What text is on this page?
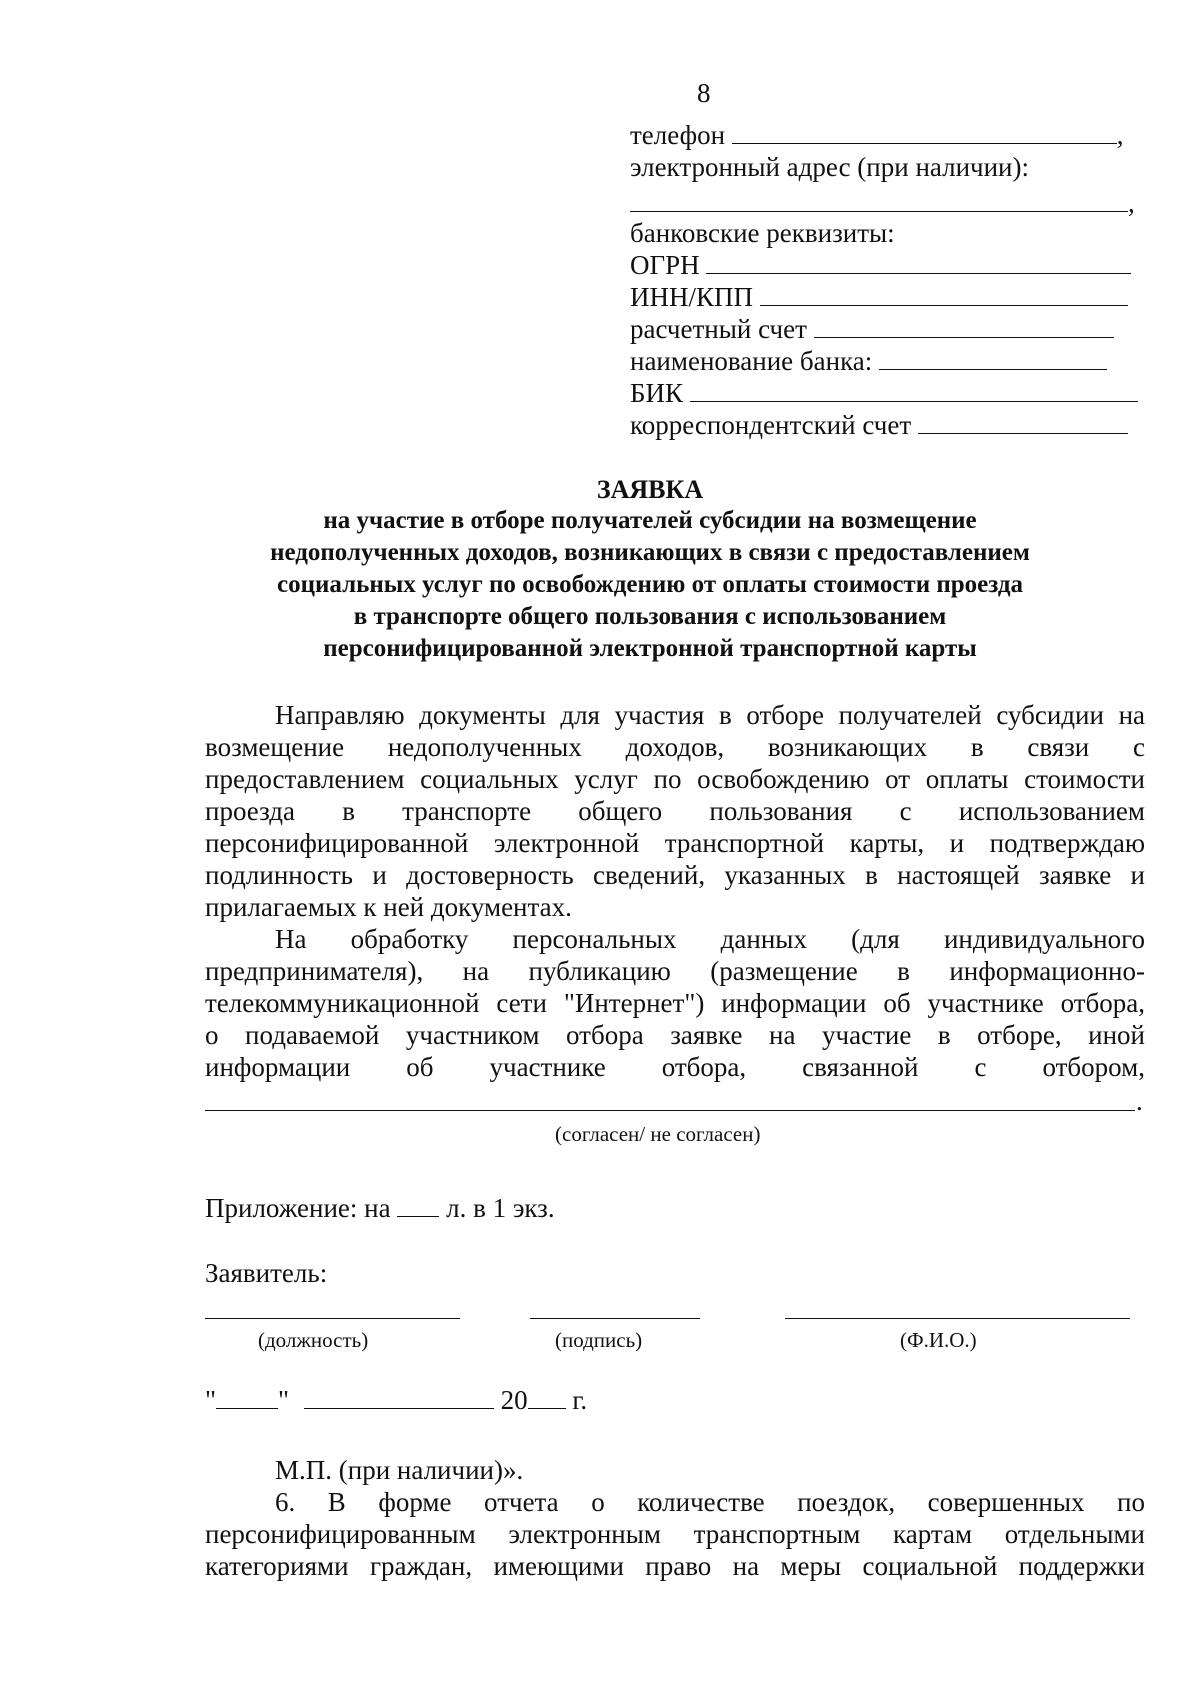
8
телефон	,
электронный адрес (при наличии):
,
банковские реквизиты:
ОГРН
ИНН/КПП
расчетный счет
наименование банка:
БИК
корреспондентский счет
ЗАЯВКА
на участие в отборе получателей субсидии на возмещение
недополученных доходов, возникающих в связи с предоставлением
социальных услуг по освобождению от оплаты стоимости проезда
в транспорте общего пользования с использованием
персонифицированной электронной транспортной карты
Направляю документы для участия в отборе получателей субсидии на
возмещение недополученных доходов, возникающих в связи с
предоставлением социальных услуг по освобождению от оплаты стоимости
проезда в транспорте общего пользования с использованием
персонифицированной электронной транспортной карты, и подтверждаю
подлинность и достоверность сведений, указанных в настоящей заявке и
прилагаемых к ней документах.
На обработку персональных данных (для индивидуального
предпринимателя), на публикацию (размещение в информационно-
телекоммуникационной сети "Интернет") информации об участнике отбора,
о подаваемой участником отбора заявке на участие в отборе, иной
информации об участнике отбора, связанной с отбором,
.
(согласен/ не согласен)
Приложение: на л. в 1 экз.
Заявитель:
(должность)	(подпись)	(Ф.И.О.)
" "	20 г.
М.П. (при наличии)».
6. В форме отчета о количестве поездок, совершенных по
персонифицированным электронным транспортным картам отдельными
категориями граждан, имеющими право на меры социальной поддержки
